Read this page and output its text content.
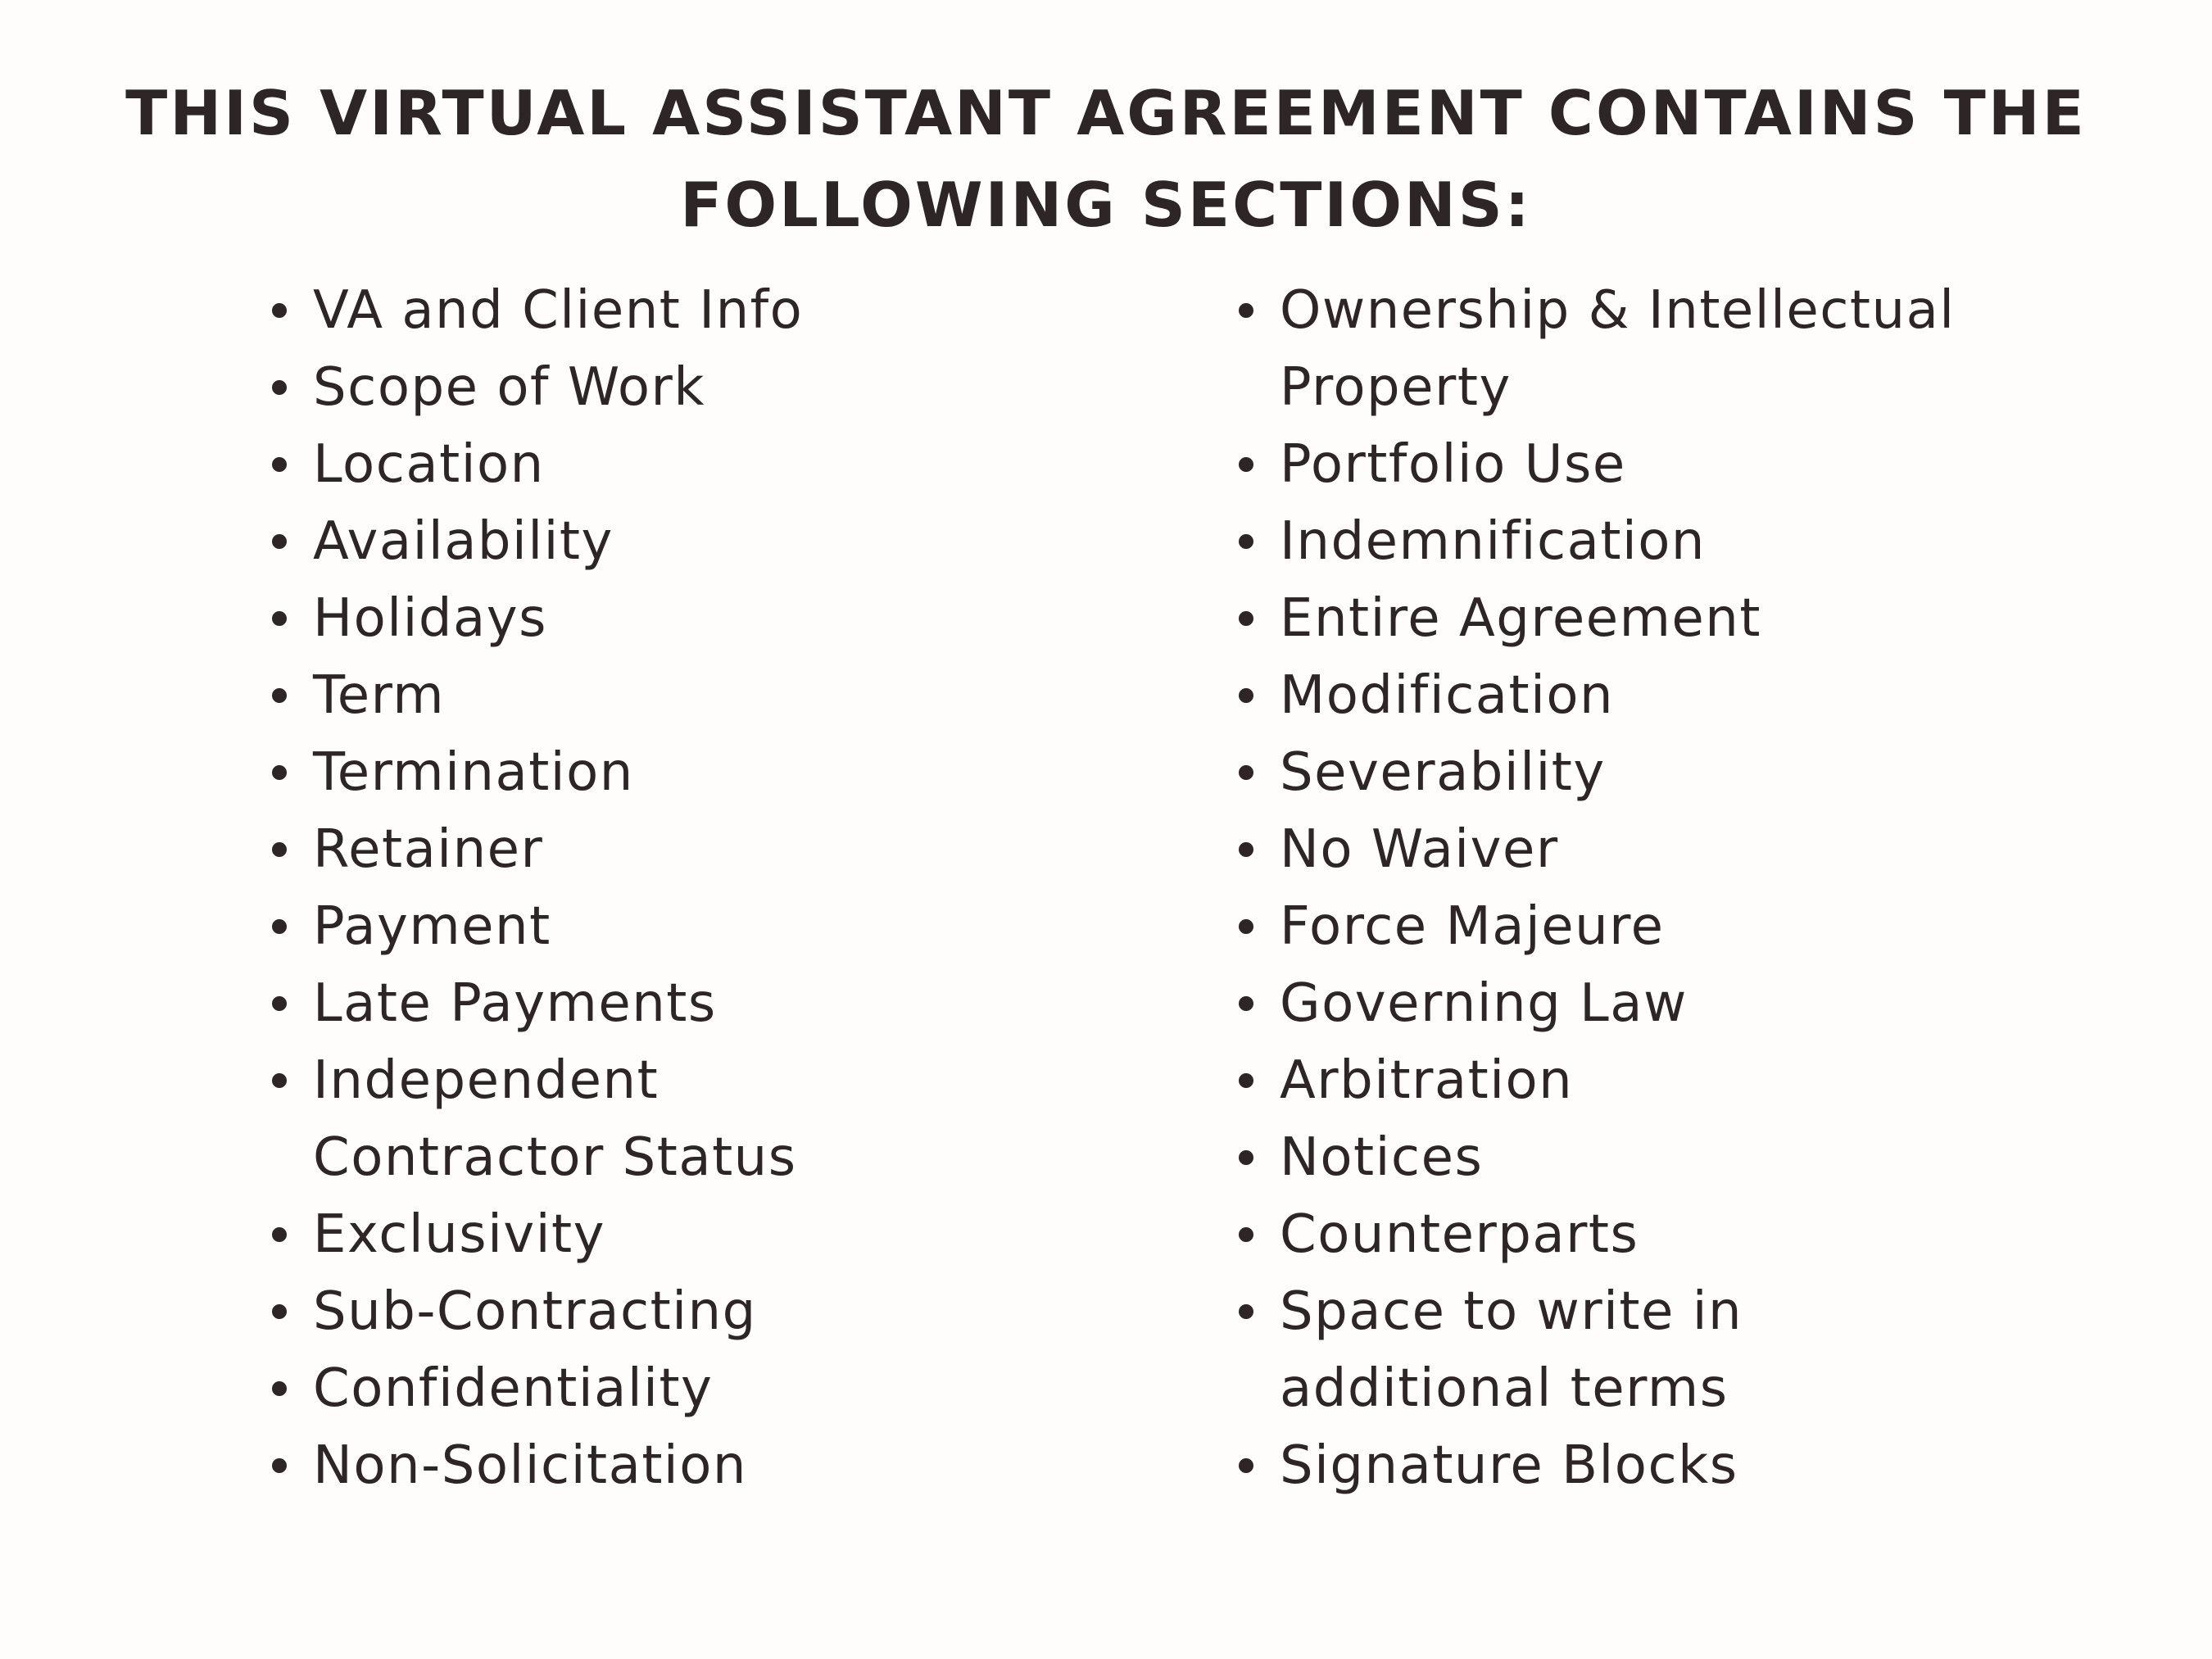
THIS VIRTUAL ASSISTANT AGREEMENT CONTAINS THE
FOLLOWING SECTIONS:
VA and Client Info
Scope of Work
Location
Availability
Holidays
Term
Termination
Retainer
Payment
Late Payments
Independent Contractor Status
Exclusivity
Sub-Contracting
Confidentiality
Non-Solicitation
Ownership & Intellectual Property
Portfolio Use
Indemnification
Entire Agreement
Modification
Severability
No Waiver
Force Majeure
Governing Law
Arbitration
Notices
Counterparts
Space to write in additional terms
Signature Blocks
